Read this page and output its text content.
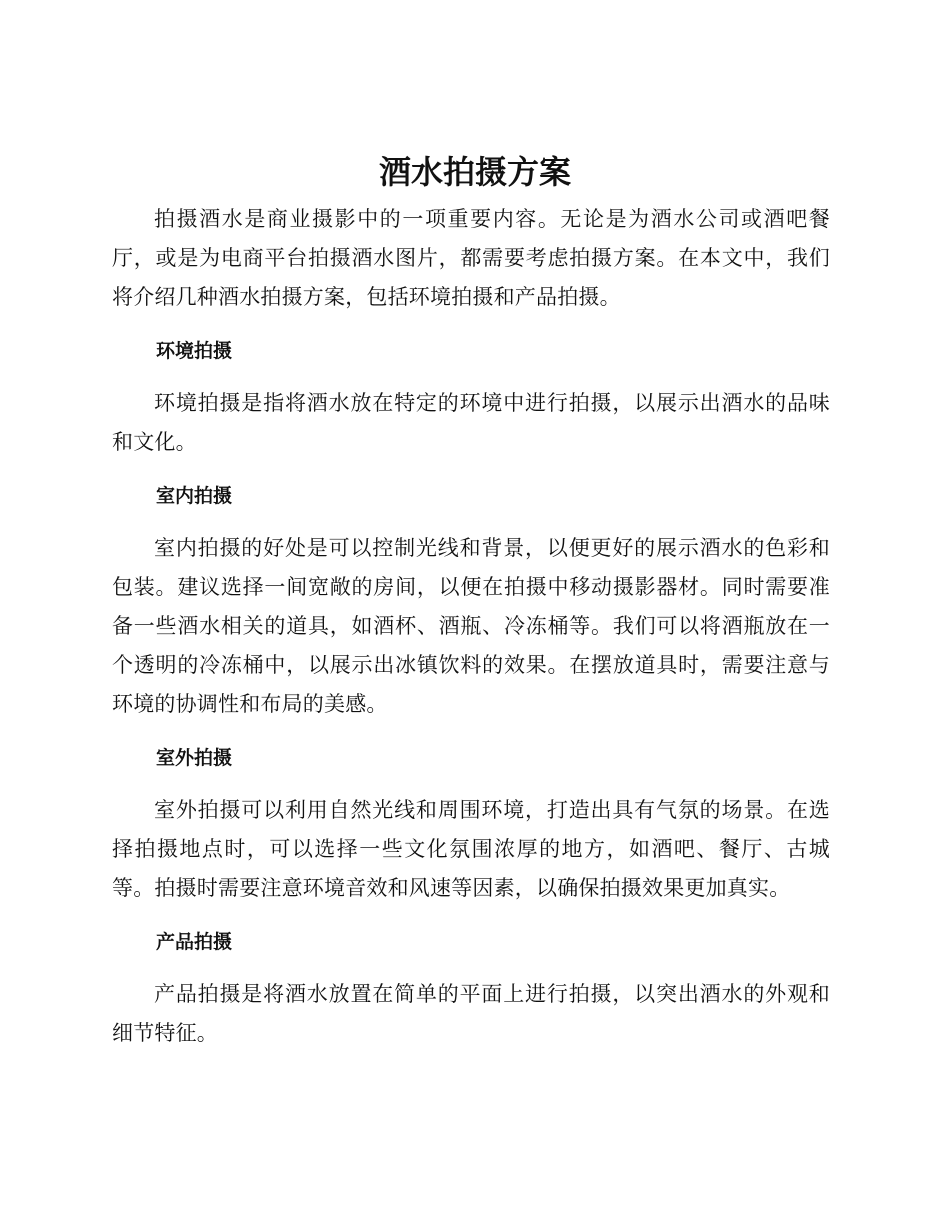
酒水拍摄方案

拍摄酒水是商业摄影中的一项重要内容。无论是为酒水公司或酒吧餐厅，或是为电商平台拍摄酒水图片，都需要考虑拍摄方案。在本文中，我们将介绍几种酒水拍摄方案，包括环境拍摄和产品拍摄。

环境拍摄

环境拍摄是指将酒水放在特定的环境中进行拍摄，以展示出酒水的品味和文化。

室内拍摄

室内拍摄的好处是可以控制光线和背景，以便更好的展示酒水的色彩和包装。建议选择一间宽敞的房间，以便在拍摄中移动摄影器材。同时需要准备一些酒水相关的道具，如酒杯、酒瓶、冷冻桶等。我们可以将酒瓶放在一个透明的冷冻桶中，以展示出冰镇饮料的效果。在摆放道具时，需要注意与环境的协调性和布局的美感。

室外拍摄

室外拍摄可以利用自然光线和周围环境，打造出具有气氛的场景。在选择拍摄地点时，可以选择一些文化氛围浓厚的地方，如酒吧、餐厅、古城等。拍摄时需要注意环境音效和风速等因素，以确保拍摄效果更加真实。

产品拍摄

产品拍摄是将酒水放置在简单的平面上进行拍摄，以突出酒水的外观和细节特征。
